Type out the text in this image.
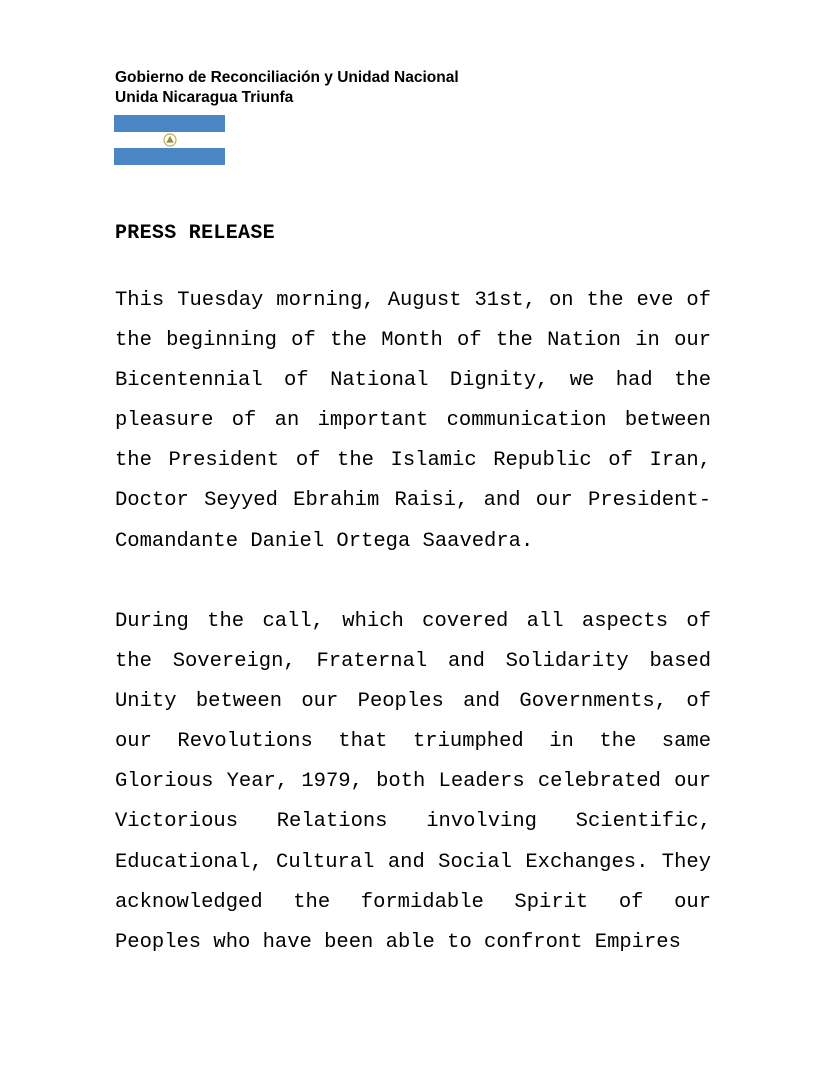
Gobierno de Reconciliación y Unidad Nacional
Unida Nicaragua Triunfa
PRESS RELEASE

This Tuesday morning, August 31st, on the eve of the beginning of the Month of the Nation in our Bicentennial of National Dignity, we had the pleasure of an important communication between the President of the Islamic Republic of Iran, Doctor Seyyed Ebrahim Raisi, and our President-Comandante Daniel Ortega Saavedra.

During the call, which covered all aspects of the Sovereign, Fraternal and Solidarity based Unity between our Peoples and Governments, of our Revolutions that triumphed in the same Glorious Year, 1979, both Leaders celebrated our Victorious Relations involving Scientific, Educational, Cultural and Social Exchanges. They acknowledged the formidable Spirit of our Peoples who have been able to confront Empires
